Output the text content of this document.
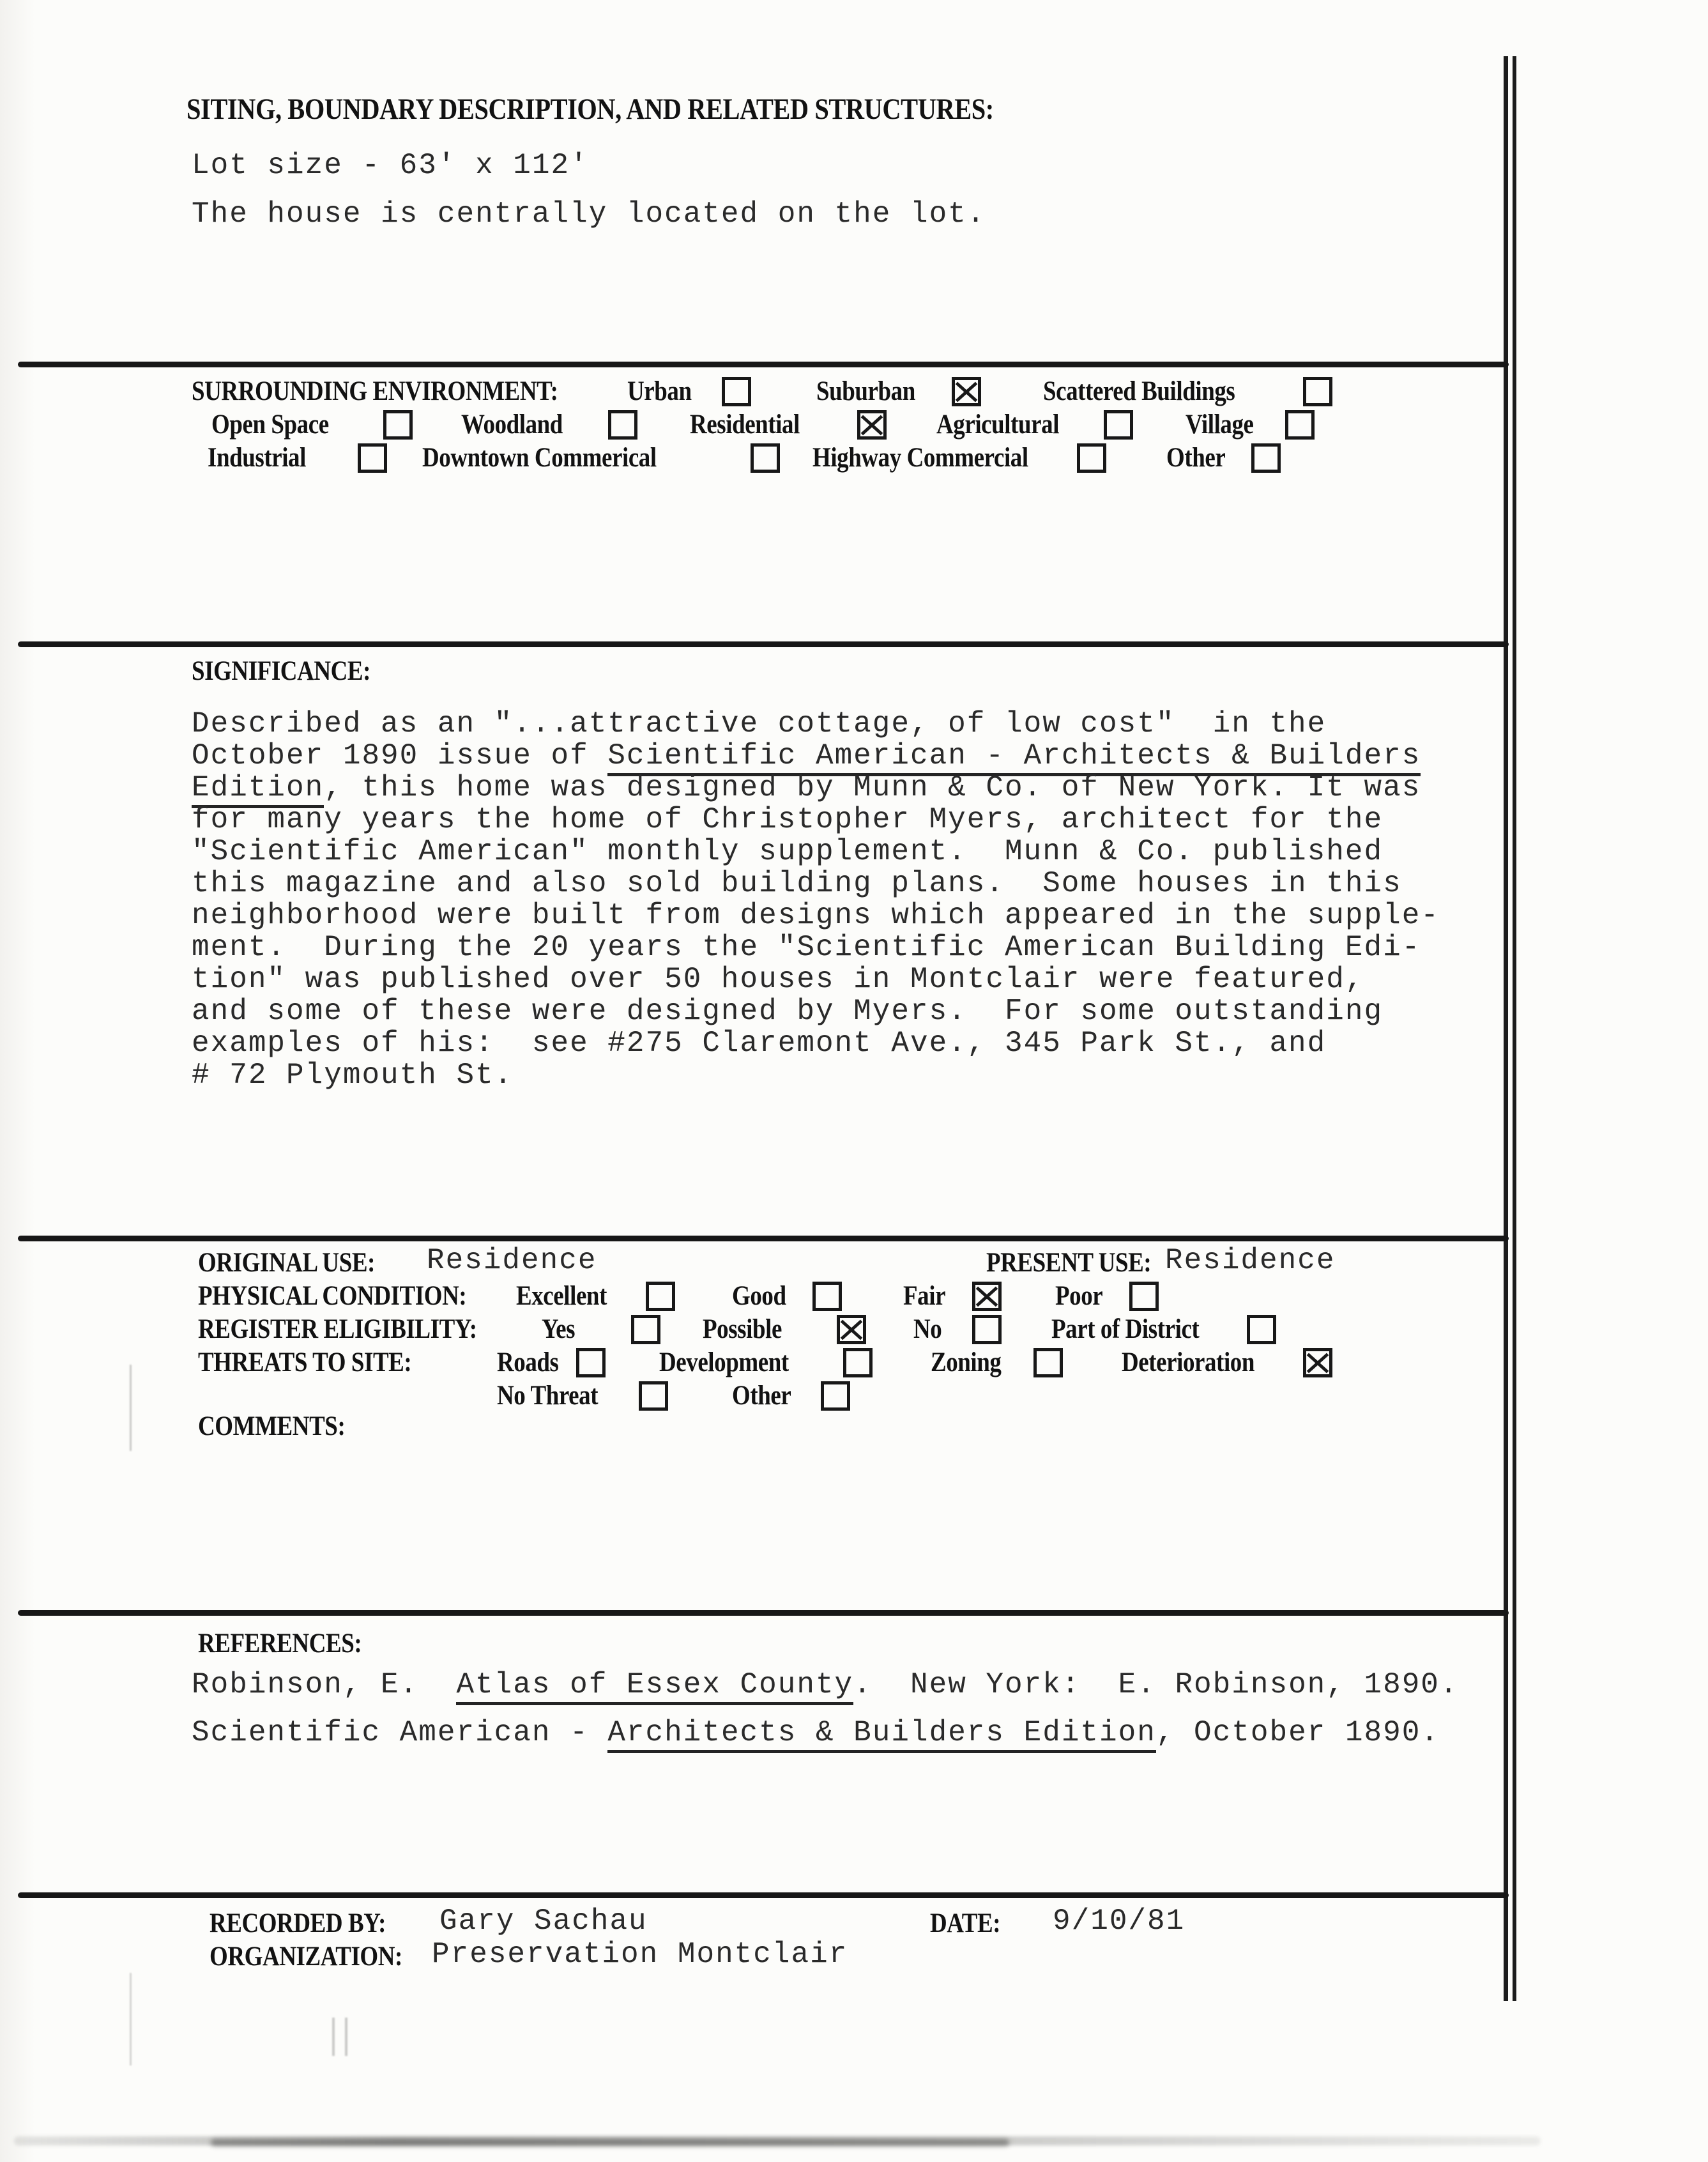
SITING, BOUNDARY DESCRIPTION, AND RELATED STRUCTURES:
Lot size - 63' x 112'
The house is centrally located on the lot.
SURROUNDING ENVIRONMENT:	Urban	Suburban	Scattered Buildings
Open Space	Woodland	Residential	Agricultural	Village
Industrial	Downtown Commerical	Highway Commercial	Other
SIGNIFICANCE:
Described as an "...attractive cottage, of low cost"  in the
October 1890 issue of Scientific American - Architects & Builders
Edition, this home was designed by Munn & Co. of New York. It was
for many years the home of Christopher Myers, architect for the
"Scientific American" monthly supplement.  Munn & Co. published
this magazine and also sold building plans.  Some houses in this
neighborhood were built from designs which appeared in the supple-
ment.  During the 20 years the "Scientific American Building Edi-
tion" was published over 50 houses in Montclair were featured,
and some of these were designed by Myers.  For some outstanding
examples of his:  see #275 Claremont Ave., 345 Park St., and
# 72 Plymouth St.
ORIGINAL USE: Residence	PRESENT USE: Residence
PHYSICAL CONDITION: Excellent	Good	Fair	Poor
REGISTER ELIGIBILITY: Yes	Possible	No	Part of District
THREATS TO SITE:	Roads	Development	Zoning	Deterioration
No Threat	Other
COMMENTS:
REFERENCES:
Robinson, E.  Atlas of Essex County.  New York:  E. Robinson, 1890.
Scientific American - Architects & Builders Edition, October 1890.
RECORDED BY: Gary Sachau	DATE: 9/10/81
ORGANIZATION: Preservation Montclair
